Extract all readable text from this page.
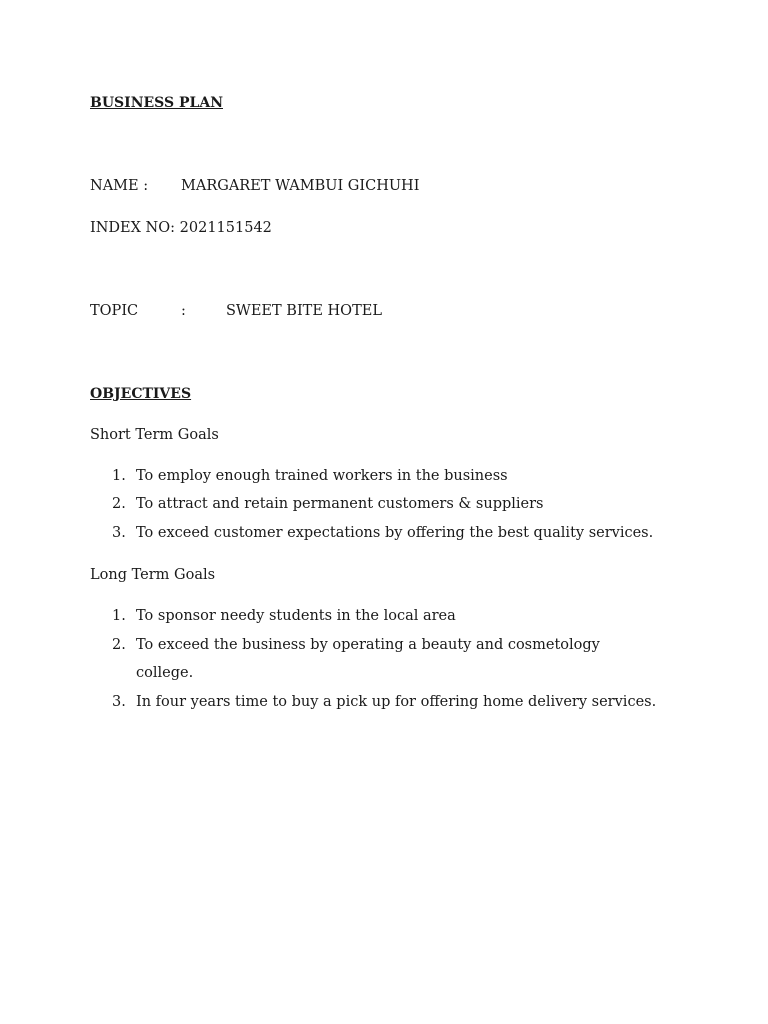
BUSINESS PLAN
NAME : MARGARET WAMBUI GICHUHI
INDEX NO: 2021151542
TOPIC	:	SWEET BITE HOTEL
OBJECTIVES
Short Term Goals
1. To employ enough trained workers in the business
2. To attract and retain permanent customers & suppliers
3. To exceed customer expectations by offering the best quality services.
Long Term Goals
1. To sponsor needy students in the local area
2. To exceed the business by operating a beauty and cosmetology
college.
3. In four years time to buy a pick up for offering home delivery services.
